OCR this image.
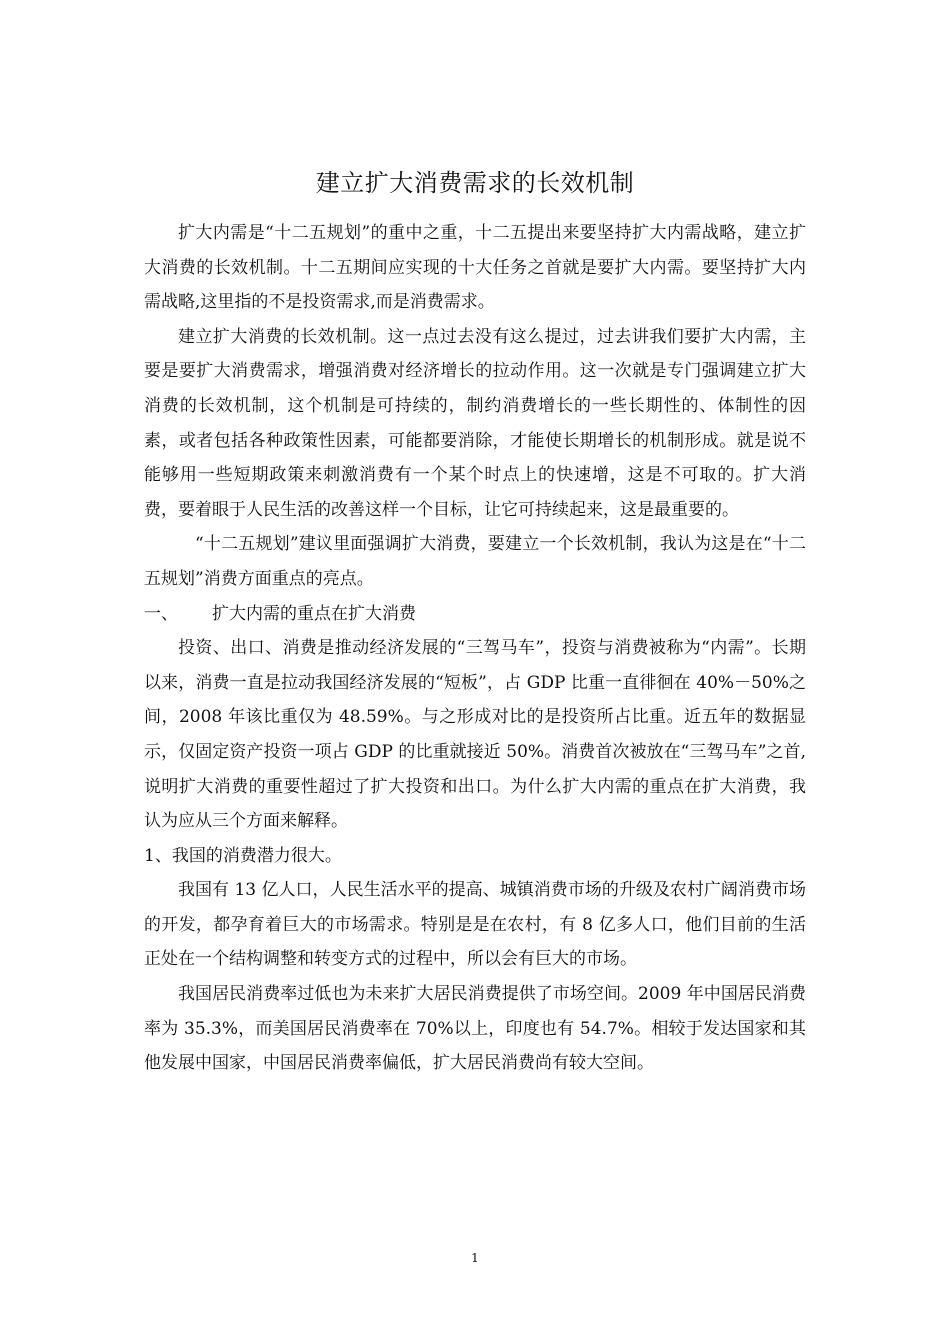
建立扩大消费需求的长效机制

扩大内需是“十二五规划”的重中之重，十二五提出来要坚持扩大内需战略，建立扩大消费的长效机制。十二五期间应实现的十大任务之首就是要扩大内需。要坚持扩大内需战略,这里指的不是投资需求,而是消费需求。

建立扩大消费的长效机制。这一点过去没有这么提过，过去讲我们要扩大内需，主要是要扩大消费需求，增强消费对经济增长的拉动作用。这一次就是专门强调建立扩大消费的长效机制，这个机制是可持续的，制约消费增长的一些长期性的、体制性的因素，或者包括各种政策性因素，可能都要消除，才能使长期增长的机制形成。就是说不能够用一些短期政策来刺激消费有一个某个时点上的快速增，这是不可取的。扩大消费，要着眼于人民生活的改善这样一个目标，让它可持续起来，这是最重要的。

“十二五规划”建议里面强调扩大消费，要建立一个长效机制，我认为这是在“十二五规划”消费方面重点的亮点。

一、	扩大内需的重点在扩大消费

投资、出口、消费是推动经济发展的“三驾马车”，投资与消费被称为“内需”。长期以来，消费一直是拉动我国经济发展的“短板”，占 GDP 比重一直徘徊在 40%－50%之间，2008 年该比重仅为 48.59%。与之形成对比的是投资所占比重。近五年的数据显示，仅固定资产投资一项占 GDP 的比重就接近 50%。消费首次被放在“三驾马车”之首,说明扩大消费的重要性超过了扩大投资和出口。为什么扩大内需的重点在扩大消费，我认为应从三个方面来解释。

1、我国的消费潜力很大。

我国有 13 亿人口，人民生活水平的提高、城镇消费市场的升级及农村广阔消费市场的开发，都孕育着巨大的市场需求。特别是是在农村，有 8 亿多人口，他们目前的生活正处在一个结构调整和转变方式的过程中，所以会有巨大的市场。

我国居民消费率过低也为未来扩大居民消费提供了市场空间。2009 年中国居民消费率为 35.3%，而美国居民消费率在 70%以上，印度也有 54.7%。相较于发达国家和其他发展中国家，中国居民消费率偏低，扩大居民消费尚有较大空间。

1
